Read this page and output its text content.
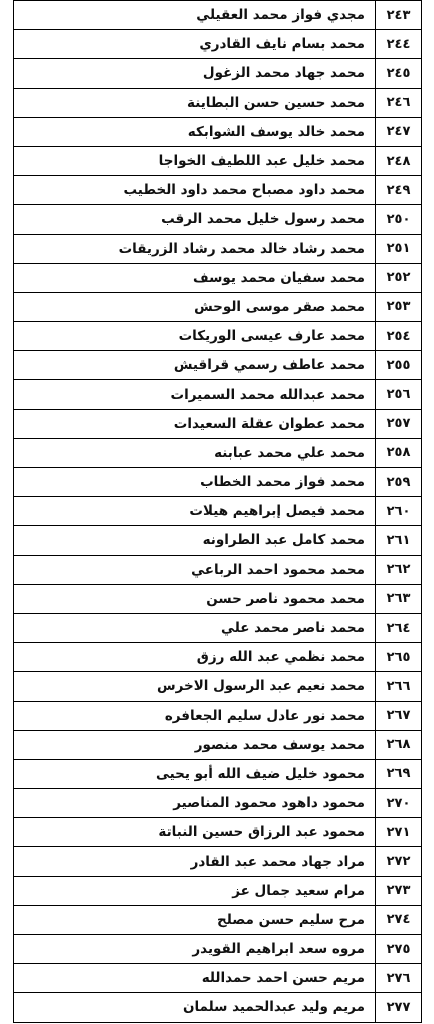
٢٤٣	مجدي فواز محمد العقيلي
٢٤٤	محمد بسام نايف القادري
٢٤٥	محمد جهاد محمد الزغول
٢٤٦	محمد حسين حسن البطاينة
٢٤٧	محمد خالد يوسف الشوابكه
٢٤٨	محمد خليل عبد اللطيف الخواجا
٢٤٩	محمد داود مصباح محمد داود الخطيب
٢٥٠	محمد رسول خليل محمد الرقب
٢٥١	محمد رشاد خالد محمد رشاد الزريقات
٢٥٢	محمد سفيان محمد يوسف
٢٥٣	محمد صقر موسى الوحش
٢٥٤	محمد عارف عيسى الوريكات
٢٥٥	محمد عاطف رسمي قراقيش
٢٥٦	محمد عبدالله محمد السميرات
٢٥٧	محمد عطوان عقلة السعيدات
٢٥٨	محمد علي محمد عبابنه
٢٥٩	محمد فواز محمد الخطاب
٢٦٠	محمد فيصل إبراهيم هيلات
٢٦١	محمد كامل عبد الطراونه
٢٦٢	محمد محمود احمد الرباعي
٢٦٣	محمد محمود ناصر حسن
٢٦٤	محمد ناصر محمد علي
٢٦٥	محمد نظمي عبد الله رزق
٢٦٦	محمد نعيم عبد الرسول الاخرس
٢٦٧	محمد نور عادل سليم الجعافره
٢٦٨	محمد يوسف محمد منصور
٢٦٩	محمود خليل ضيف الله أبو يحيى
٢٧٠	محمود داهود محمود المناصير
٢٧١	محمود عبد الرزاق حسين النباتة
٢٧٢	مراد جهاد محمد عبد القادر
٢٧٣	مرام سعيد جمال عز
٢٧٤	مرح سليم حسن مصلح
٢٧٥	مروه سعد ابراهيم القويدر
٢٧٦	مريم حسن احمد حمدالله
٢٧٧	مريم وليد عبدالحميد سلمان
